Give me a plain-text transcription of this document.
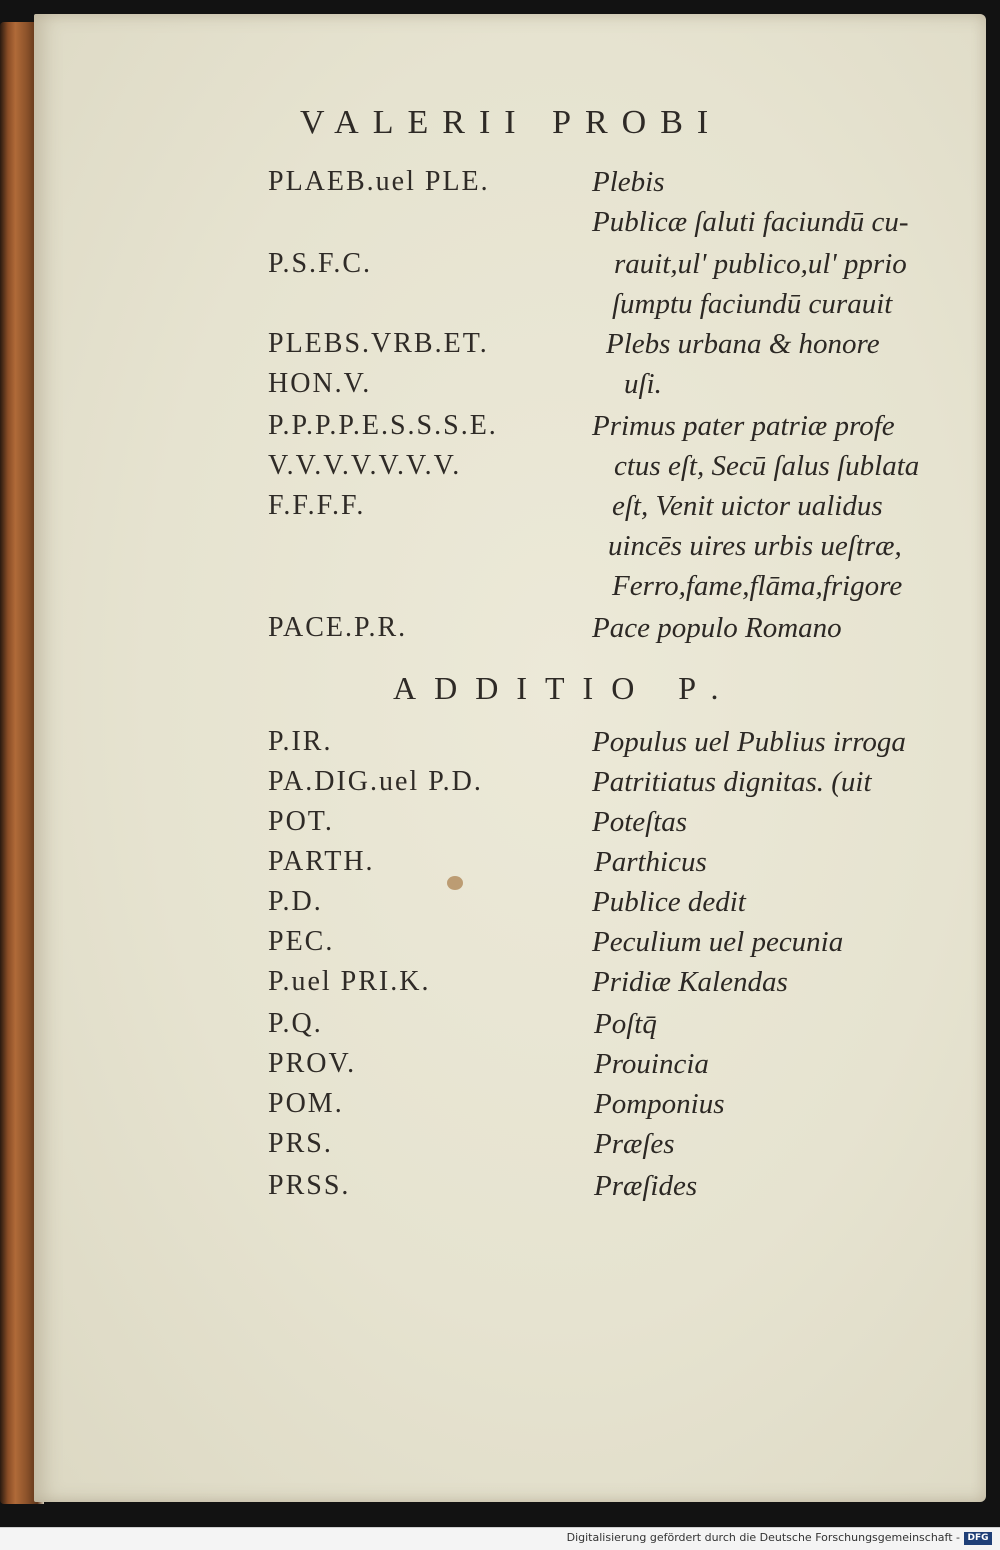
VALERII PROBI
PLAEB.uel PLE.	Plebis
Publicæ ſaluti faciundū cu-
P.S.F.C.	rauit,ul' publico,ul' pprio
ſumptu faciundū curauit
PLEBS.VRB.ET.	Plebs urbana & honore
HON.V.	uſi.
P.P.P.P.E.S.S.S.E.	Primus pater patriæ profe
V.V.V.V.V.V.V.	ctus eſt, Secū ſalus ſublata
F.F.F.F.	eſt, Venit uictor ualidus
uincēs uires urbis ueſtræ,
Ferro,fame,flāma,frigore
PACE.P.R.	Pace populo Romano
ADDITIO P.
P.IR.	Populus uel Publius irroga
PA.DIG.uel P.D.	Patritiatus dignitas. (uit
POT.	Poteſtas
PARTH.	Parthicus
P.D.	Publice dedit
PEC.	Peculium uel pecunia
P.uel PRI.K.	Pridiæ Kalendas
P.Q.	Poſtq̄
PROV.	Prouincia
POM.	Pomponius
PRS.	Præſes
PRSS.	Præſides
Digitalisierung gefördert durch die Deutsche Forschungsgemeinschaft - DFG
